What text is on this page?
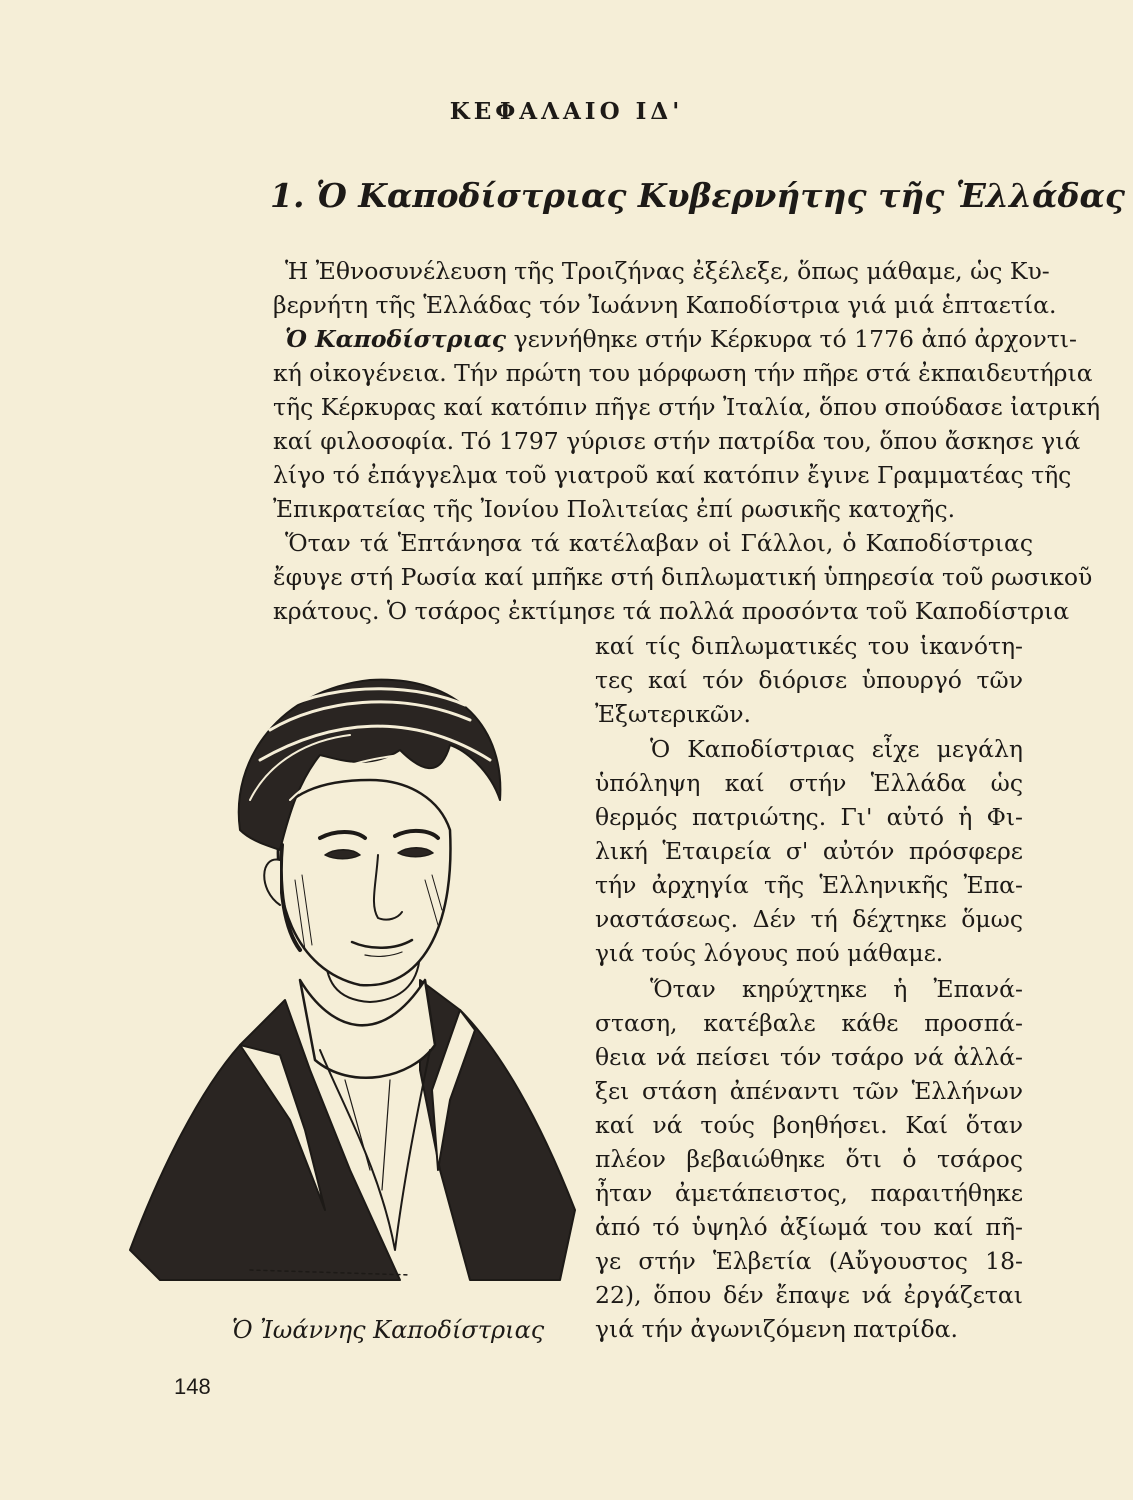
ΚΕΦΑΛΑΙΟ ΙΔ'
1. Ὁ Καποδίστριας Κυβερνήτης τῆς Ἑλλάδας
Ἡ Ἐθνοσυνέλευση τῆς Τροιζήνας ἐξέλεξε, ὅπως μάθαμε, ὡς Κυ-
βερνήτη τῆς Ἑλλάδας τόν Ἰωάννη Καποδίστρια γιά μιά ἑπταετία.
Ὁ Καποδίστριας γεννήθηκε στήν Κέρκυρα τό 1776 ἀπό ἀρχοντι-
κή οἰκογένεια. Τήν πρώτη του μόρφωση τήν πῆρε στά ἐκπαιδευτήρια
τῆς Κέρκυρας καί κατόπιν πῆγε στήν Ἰταλία, ὅπου σπούδασε ἰατρική
καί φιλοσοφία. Τό 1797 γύρισε στήν πατρίδα του, ὅπου ἄσκησε γιά
λίγο τό ἐπάγγελμα τοῦ γιατροῦ καί κατόπιν ἔγινε Γραμματέας τῆς
Ἐπικρατείας τῆς Ἰονίου Πολιτείας ἐπί ρωσικῆς κατοχῆς.
Ὅταν τά Ἑπτάνησα τά κατέλαβαν οἱ Γάλλοι, ὁ Καποδίστριας
ἔφυγε στή Ρωσία καί μπῆκε στή διπλωματική ὑπηρεσία τοῦ ρωσικοῦ
κράτους. Ὁ τσάρος ἐκτίμησε τά πολλά προσόντα τοῦ Καποδίστρια
καί τίς διπλωματικές του ἱκανότη-
τες καί τόν διόρισε ὑπουργό τῶν
Ἐξωτερικῶν.
Ὁ Καποδίστριας εἶχε μεγάλη
ὑπόληψη καί στήν Ἑλλάδα ὡς
θερμός πατριώτης. Γι' αὐτό ἡ Φι-
λική Ἑταιρεία σ' αὐτόν πρόσφερε
τήν ἀρχηγία τῆς Ἑλληνικῆς Ἐπα-
ναστάσεως. Δέν τή δέχτηκε ὅμως
γιά τούς λόγους πού μάθαμε.
Ὅταν κηρύχτηκε ἡ Ἐπανά-
σταση, κατέβαλε κάθε προσπά-
θεια νά πείσει τόν τσάρο νά ἀλλά-
ξει στάση ἀπέναντι τῶν Ἑλλήνων
καί νά τούς βοηθήσει. Καί ὅταν
πλέον βεβαιώθηκε ὅτι ὁ τσάρος
ἦταν ἀμετάπειστος, παραιτήθηκε
ἀπό τό ὑψηλό ἀξίωμά του καί πῆ-
γε στήν Ἑλβετία (Αὔγουστος 18-
22), ὅπου δέν ἔπαψε νά ἐργάζεται
γιά τήν ἀγωνιζόμενη πατρίδα.
Ὁ Ἰωάννης Καποδίστριας
148
